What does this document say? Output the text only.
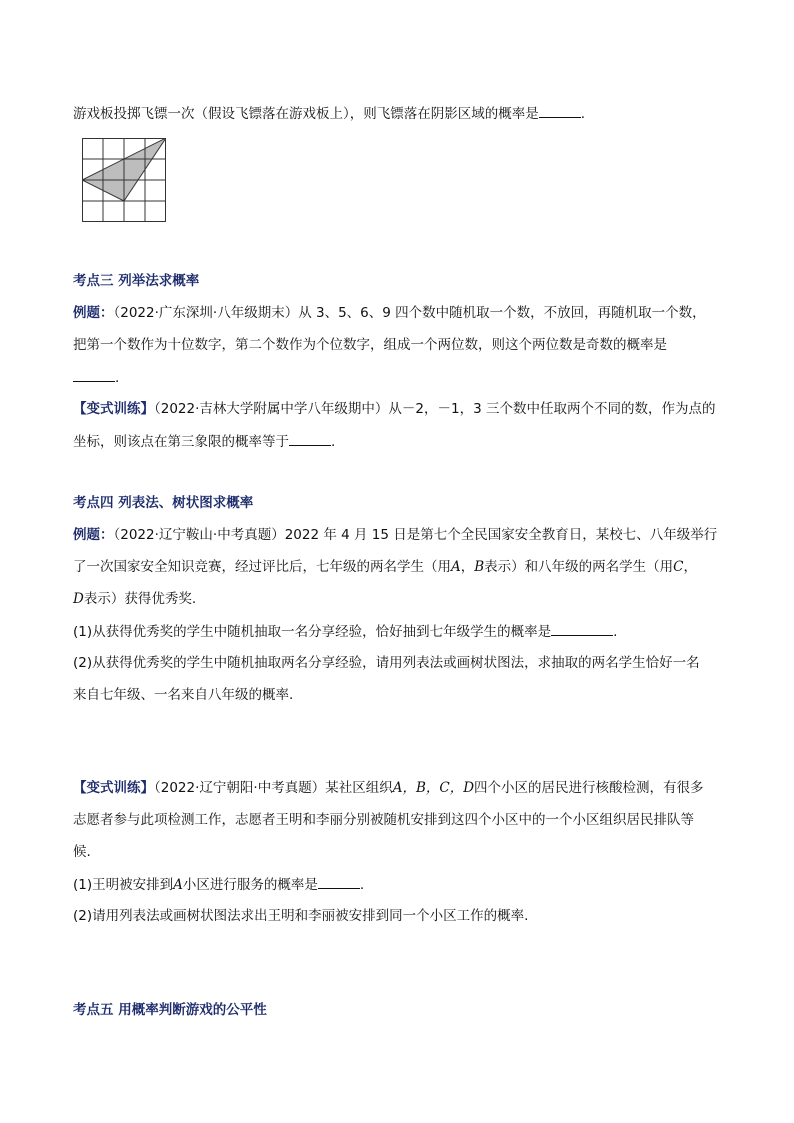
游戏板投掷飞镖一次（假设飞镖落在游戏板上），则飞镖落在阴影区域的概率是	.
考点三 列举法求概率
例题：（2022·广东深圳·八年级期末）从 3、5、6、9 四个数中随机取一个数，不放回，再随机取一个数，
把第一个数作为十位数字，第二个数作为个位数字，组成一个两位数，则这个两位数是奇数的概率是
.
【变式训练】（2022·吉林大学附属中学八年级期中）从－2，－1，3 三个数中任取两个不同的数，作为点的
坐标，则该点在第三象限的概率等于	.
考点四 列表法、树状图求概率
例题：（2022·辽宁鞍山·中考真题）2022 年 4 月 15 日是第七个全民国家安全教育日，某校七、八年级举行
了一次国家安全知识竞赛，经过评比后，七年级的两名学生（用A，B表示）和八年级的两名学生（用C，
D表示）获得优秀奖.
(1)从获得优秀奖的学生中随机抽取一名分享经验，恰好抽到七年级学生的概率是	.
(2)从获得优秀奖的学生中随机抽取两名分享经验，请用列表法或画树状图法，求抽取的两名学生恰好一名
来自七年级、一名来自八年级的概率.
【变式训练】（2022·辽宁朝阳·中考真题）某社区组织A，B，C，D四个小区的居民进行核酸检测，有很多
志愿者参与此项检测工作，志愿者王明和李丽分别被随机安排到这四个小区中的一个小区组织居民排队等
候.
(1)王明被安排到A小区进行服务的概率是	.
(2)请用列表法或画树状图法求出王明和李丽被安排到同一个小区工作的概率.
考点五 用概率判断游戏的公平性
